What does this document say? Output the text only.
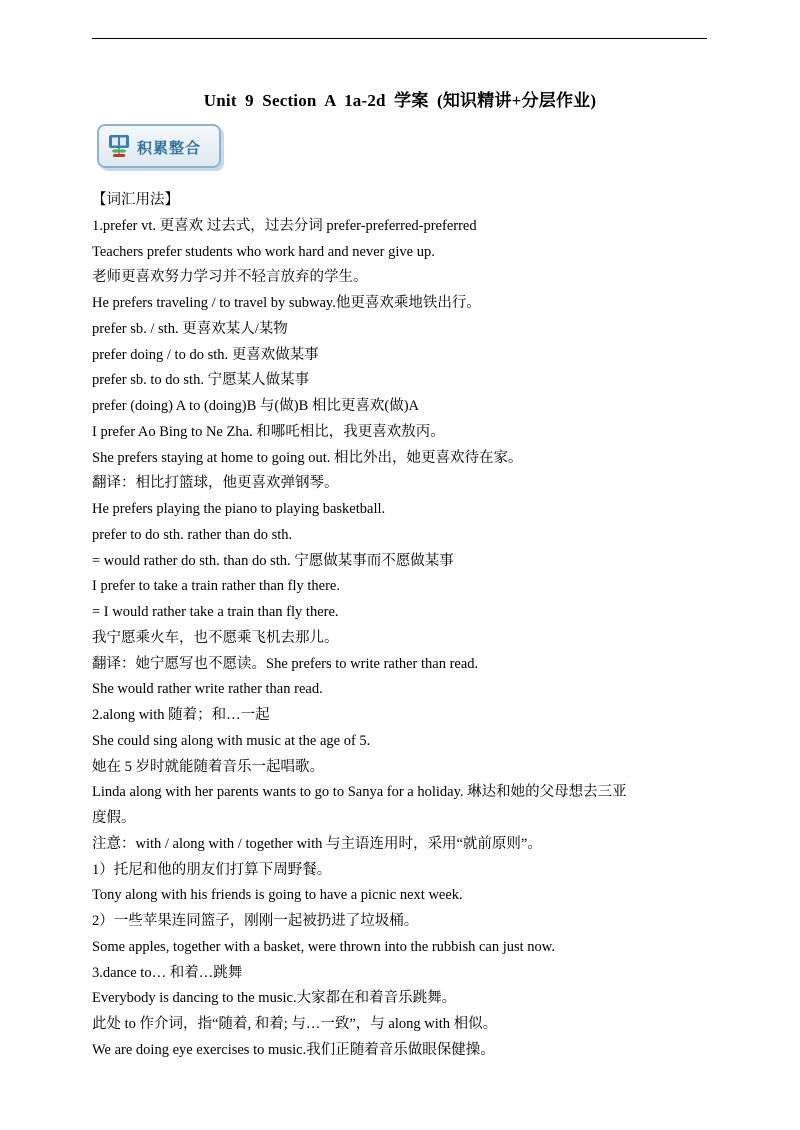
Unit 9 Section A 1a-2d 学案 (知识精讲+分层作业)
积累整合
【词汇用法】
1.prefer vt. 更喜欢 过去式，过去分词 prefer-preferred-preferred
Teachers prefer students who work hard and never give up.
老师更喜欢努力学习并不轻言放弃的学生。
He prefers traveling / to travel by subway.他更喜欢乘地铁出行。
prefer sb. / sth. 更喜欢某人/某物
prefer doing / to do sth. 更喜欢做某事
prefer sb. to do sth. 宁愿某人做某事
prefer (doing) A to (doing)B 与(做)B 相比更喜欢(做)A
I prefer Ao Bing to Ne Zha. 和哪吒相比，我更喜欢敖丙。
She prefers staying at home to going out. 相比外出，她更喜欢待在家。
翻译：相比打篮球，他更喜欢弹钢琴。
He prefers playing the piano to playing basketball.
prefer to do sth. rather than do sth.
= would rather do sth. than do sth. 宁愿做某事而不愿做某事
I prefer to take a train rather than fly there.
= I would rather take a train than fly there.
我宁愿乘火车，也不愿乘飞机去那儿。
翻译：她宁愿写也不愿读。She prefers to write rather than read.
She would rather write rather than read.
2.along with 随着；和…一起
She could sing along with music at the age of 5.
她在 5 岁时就能随着音乐一起唱歌。
Linda along with her parents wants to go to Sanya for a holiday. 琳达和她的父母想去三亚
度假。
注意：with / along with / together with 与主语连用时，采用“就前原则”。
1）托尼和他的朋友们打算下周野餐。
Tony along with his friends is going to have a picnic next week.
2）一些苹果连同篮子，刚刚一起被扔进了垃圾桶。
Some apples, together with a basket, were thrown into the rubbish can just now.
3.dance to… 和着…跳舞
Everybody is dancing to the music.大家都在和着音乐跳舞。
此处 to 作介词，指“随着, 和着; 与…一致”，与 along with 相似。
We are doing eye exercises to music.我们正随着音乐做眼保健操。
